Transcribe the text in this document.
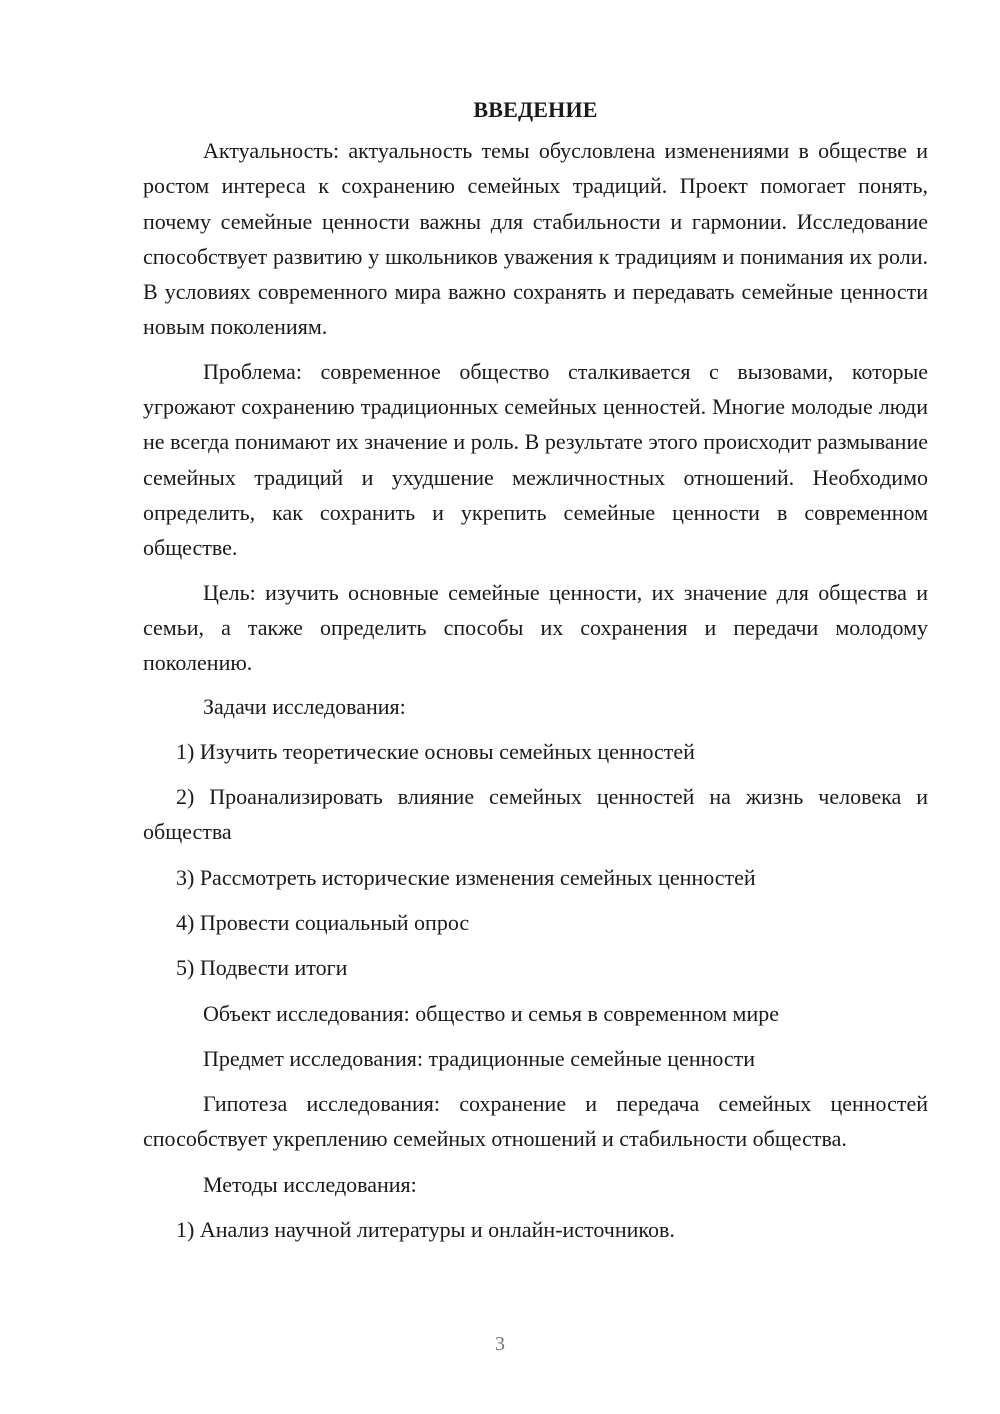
ВВЕДЕНИЕ

Актуальность: актуальность темы обусловлена изменениями в обществе и ростом интереса к сохранению семейных традиций. Проект помогает понять, почему семейные ценности важны для стабильности и гармонии. Исследование способствует развитию у школьников уважения к традициям и понимания их роли. В условиях современного мира важно сохранять и передавать семейные ценности новым поколениям.

Проблема: современное общество сталкивается с вызовами, которые угрожают сохранению традиционных семейных ценностей. Многие молодые люди не всегда понимают их значение и роль. В результате этого происходит размывание семейных традиций и ухудшение межличностных отношений. Необходимо определить, как сохранить и укрепить семейные ценности в современном обществе.

Цель: изучить основные семейные ценности, их значение для общества и семьи, а также определить способы их сохранения и передачи молодому поколению.

Задачи исследования:

1) Изучить теоретические основы семейных ценностей

2) Проанализировать влияние семейных ценностей на жизнь человека и общества

3) Рассмотреть исторические изменения семейных ценностей

4) Провести социальный опрос

5) Подвести итоги

Объект исследования: общество и семья в современном мире

Предмет исследования: традиционные семейные ценности

Гипотеза исследования: сохранение и передача семейных ценностей способствует укреплению семейных отношений и стабильности общества.

Методы исследования:

1) Анализ научной литературы и онлайн-источников.

3
